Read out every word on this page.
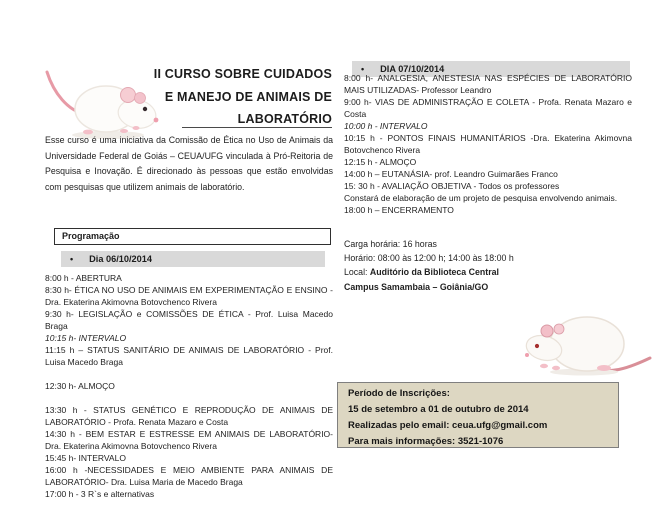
II CURSO SOBRE CUIDADOS
E MANEJO DE ANIMAIS DE
LABORATÓRIO
Esse curso é uma iniciativa da Comissão de Ética no Uso de Animais da Universidade Federal de Goiás – CEUA/UFG vinculada à Pró-Reitoria de Pesquisa e Inovação. É direcionado às pessoas que estão envolvidas com pesquisas que utilizem animais de laboratório.
Programação
• Dia 06/10/2014

8:00 h - ABERTURA

8:30 h- ÉTICA NO USO DE ANIMAIS EM EXPERIMENTAÇÃO E ENSINO - Dra. Ekaterina Akimovna Botovchenco Rivera

9:30 h- LEGISLAÇÃO e COMISSÕES DE ÉTICA - Prof. Luisa Macedo Braga

10:15 h- INTERVALO

11:15 h – STATUS SANITÁRIO DE ANIMAIS DE LABORATÓRIO - Prof. Luisa Macedo Braga

12:30 h- ALMOÇO

13:30 h - STATUS GENÉTICO E REPRODUÇÃO DE ANIMAIS DE LABORATÓRIO - Profa. Renata Mazaro e Costa

14:30 h - BEM ESTAR E ESTRESSE EM ANIMAIS DE LABORATÓRIO- Dra. Ekaterina Akimovna Botovchenco Rivera

15:45 h- INTERVALO

16:00 h -NECESSIDADES E MEIO AMBIENTE PARA ANIMAIS DE LABORATÓRIO- Dra. Luisa Maria de Macedo Braga

17:00 h - 3 R`s e alternativas

• DIA 07/10/2014

8:00 h- ANALGESIA, ANESTESIA NAS ESPÉCIES DE LABORATÓRIO MAIS UTILIZADAS- Professor Leandro

9:00 h- VIAS DE ADMINISTRAÇÃO E COLETA - Profa. Renata Mazaro e Costa

10:00 h - INTERVALO

10:15 h - PONTOS FINAIS HUMANITÁRIOS -Dra. Ekaterina Akimovna Botovchenco Rivera

12:15 h - ALMOÇO

14:00 h – EUTANÁSIA- prof. Leandro Guimarães Franco

15: 30 h - AVALIAÇÃO OBJETIVA - Todos os professores

Constará de elaboração de um projeto de pesquisa envolvendo animais.

18:00 h – ENCERRAMENTO

Carga horária: 16 horas
Horário: 08:00 às 12:00 h; 14:00 às 18:00 h
Local: Auditório da Biblioteca Central
Campus Samambaia – Goiânia/GO
Período de Inscrições:
15 de setembro a 01 de outubro de 2014
Realizadas pelo email: ceua.ufg@gmail.com
Para mais informações: 3521-1076
